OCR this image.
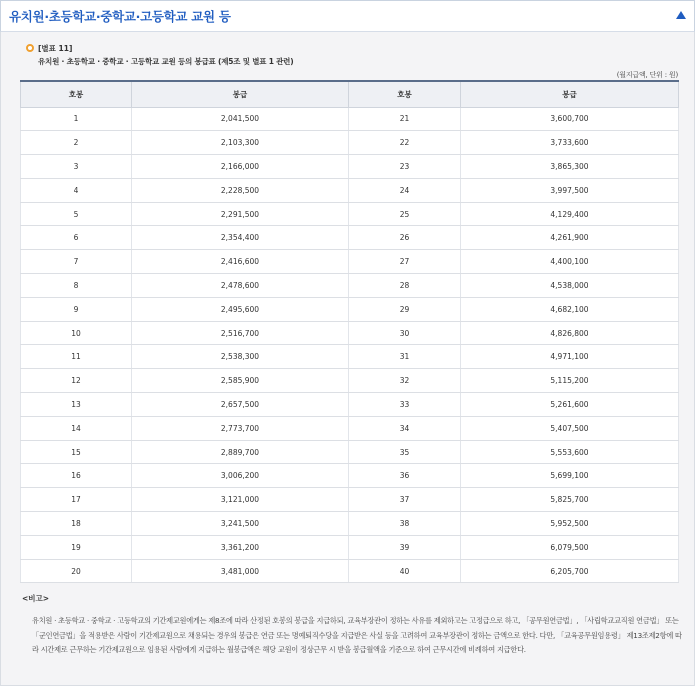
유치원·초등학교·중학교·고등학교 교원 등
[별표 11]
유치원 · 초등학교 · 중학교 · 고등학교 교원 등의 봉급표 (제5조 및 별표 1 관련)
(월지급액, 단위 : 원)
호봉	봉급	호봉	봉급
1	2,041,500	21	3,600,700
2	2,103,300	22	3,733,600
3	2,166,000	23	3,865,300
4	2,228,500	24	3,997,500
5	2,291,500	25	4,129,400
6	2,354,400	26	4,261,900
7	2,416,600	27	4,400,100
8	2,478,600	28	4,538,000
9	2,495,600	29	4,682,100
10	2,516,700	30	4,826,800
11	2,538,300	31	4,971,100
12	2,585,900	32	5,115,200
13	2,657,500	33	5,261,600
14	2,773,700	34	5,407,500
15	2,889,700	35	5,553,600
16	3,006,200	36	5,699,100
17	3,121,000	37	5,825,700
18	3,241,500	38	5,952,500
19	3,361,200	39	6,079,500
20	3,481,000	40	6,205,700
<비고>
유치원 · 초등학교 · 중학교 · 고등학교의 기간제교원에게는 제8조에 따라 산정된 호봉의 봉급을 지급하되, 교육부장관이 정하는 사유를 제외하고는 고정급으로 하고, 「공무원연금법」, 「사립학교교직원 연금법」 또는 「군인연금법」을 적용받은 사람이 기간제교원으로 채용되는 경우의 봉급은 연금 또는 명예퇴직수당을 지급받은 사실 등을 고려하여 교육부장관이 정하는 금액으로 한다. 다만, 「교육공무원임용령」 제13조제2항에 따라 시간제로 근무하는 기간제교원으로 임용된 사람에게 지급하는 월봉급액은 해당 교원이 정상근무 시 받을 봉급월액을 기준으로 하여 근무시간에 비례하여 지급한다.
